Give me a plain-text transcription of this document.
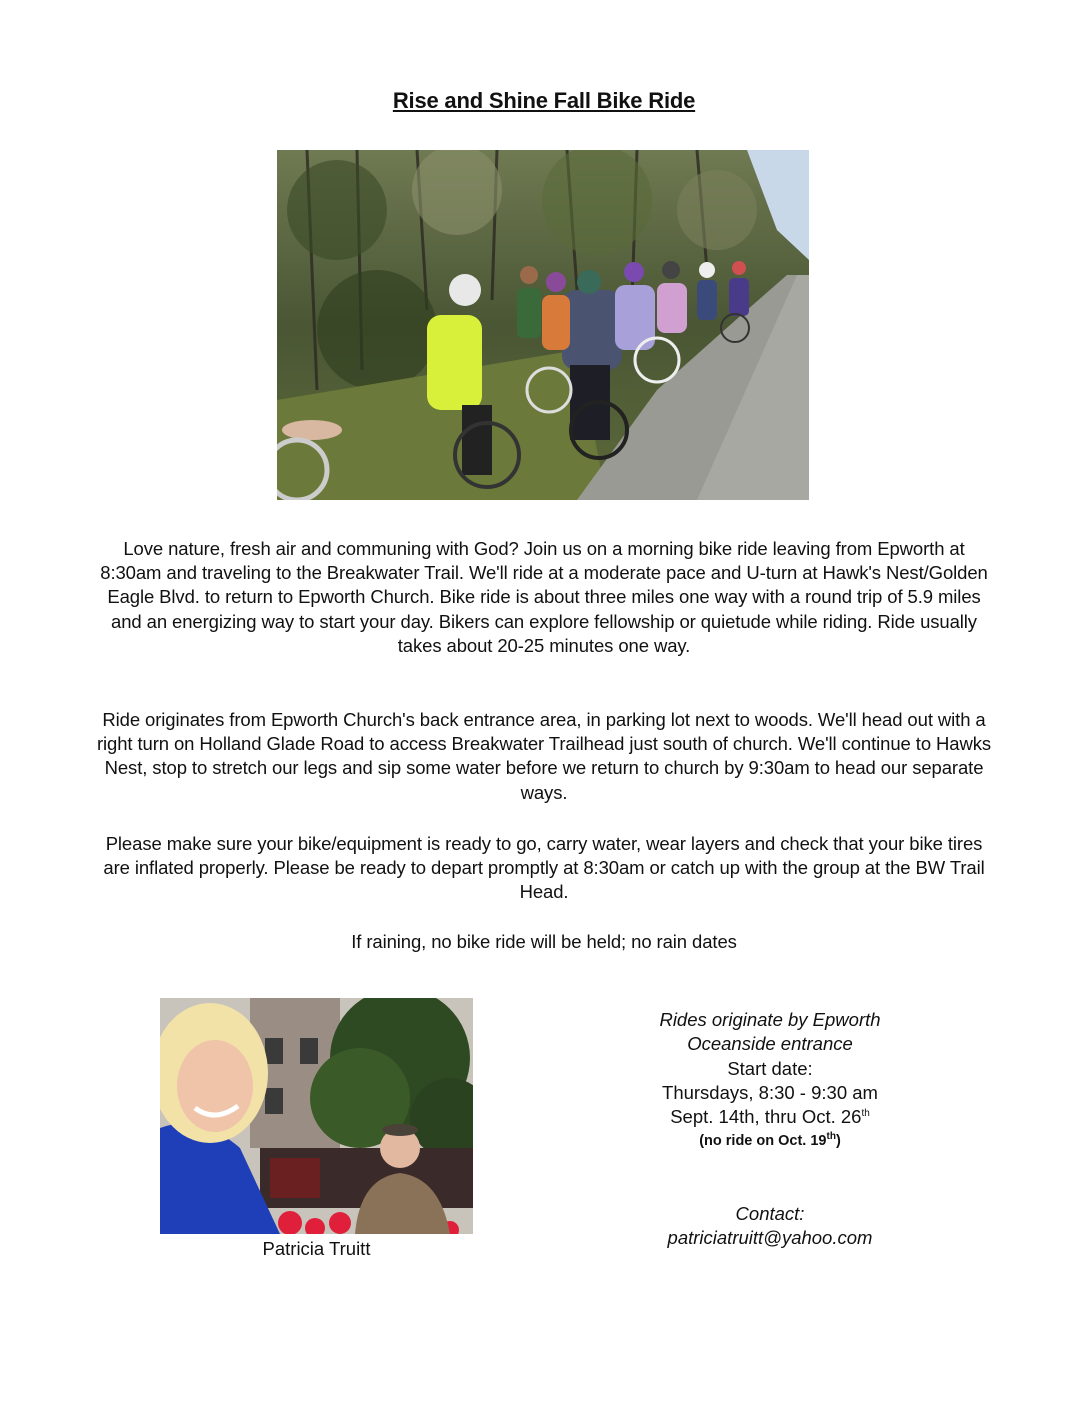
Rise and Shine Fall Bike Ride
Love nature, fresh air and communing with God? Join us on a morning bike ride leaving from Epworth at 8:30am and traveling to the Breakwater Trail. We'll ride at a moderate pace and U-turn at Hawk's Nest/Golden Eagle Blvd. to return to Epworth Church. Bike ride is about three miles one way with a round trip of 5.9 miles and an energizing way to start your day. Bikers can explore fellowship or quietude while riding. Ride usually takes about 20-25 minutes one way.
Ride originates from Epworth Church's back entrance area, in parking lot next to woods. We'll head out with a right turn on Holland Glade Road to access Breakwater Trailhead just south of church. We'll continue to Hawks Nest, stop to stretch our legs and sip some water before we return to church by 9:30am to head our separate ways.
Please make sure your bike/equipment is ready to go, carry water, wear layers and check that your bike tires are inflated properly. Please be ready to depart promptly at 8:30am or catch up with the group at the BW Trail Head.
If raining, no bike ride will be held; no rain dates
Patricia Truitt
Rides originate by Epworth
Oceanside entrance
Start date:
Thursdays, 8:30 - 9:30 am
Sept. 14th, thru Oct. 26th
(no ride on Oct. 19th)
Contact:
patriciatruitt@yahoo.com
